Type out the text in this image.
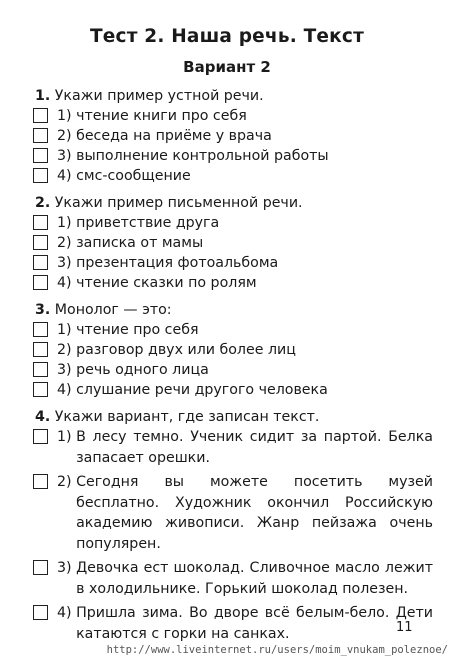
Тест 2. Наша речь. Текст
Вариант 2

1. Укажи пример устной речи.

1)
чтение книги про себя
2)
беседа на приёме у врача
3)
выполнение контрольной работы
4)
смс-сообщение

2. Укажи пример письменной речи.

1)
приветствие друга
2)
записка от мамы
3)
презентация фотоальбома
4)
чтение сказки по ролям

3. Монолог — это:

1)
чтение про себя
2)
разговор двух или более лиц
3)
речь одного лица
4)
слушание речи другого человека

4. Укажи вариант, где записан текст.

1)
В лесу темно. Ученик сидит за партой. Белка запасает орешки.
2)
Сегодня вы можете посетить музей бесплатно. Художник окончил Российскую академию живописи. Жанр пейзажа очень популярен.
3)
Девочка ест шоколад. Сливочное масло лежит в холодильнике. Горький шоколад полезен.
4)
Пришла зима. Во дворе всё белым-бело. Дети катаются с горки на санках.	11
http://www.liveinternet.ru/users/moim_vnukam_poleznoe/
